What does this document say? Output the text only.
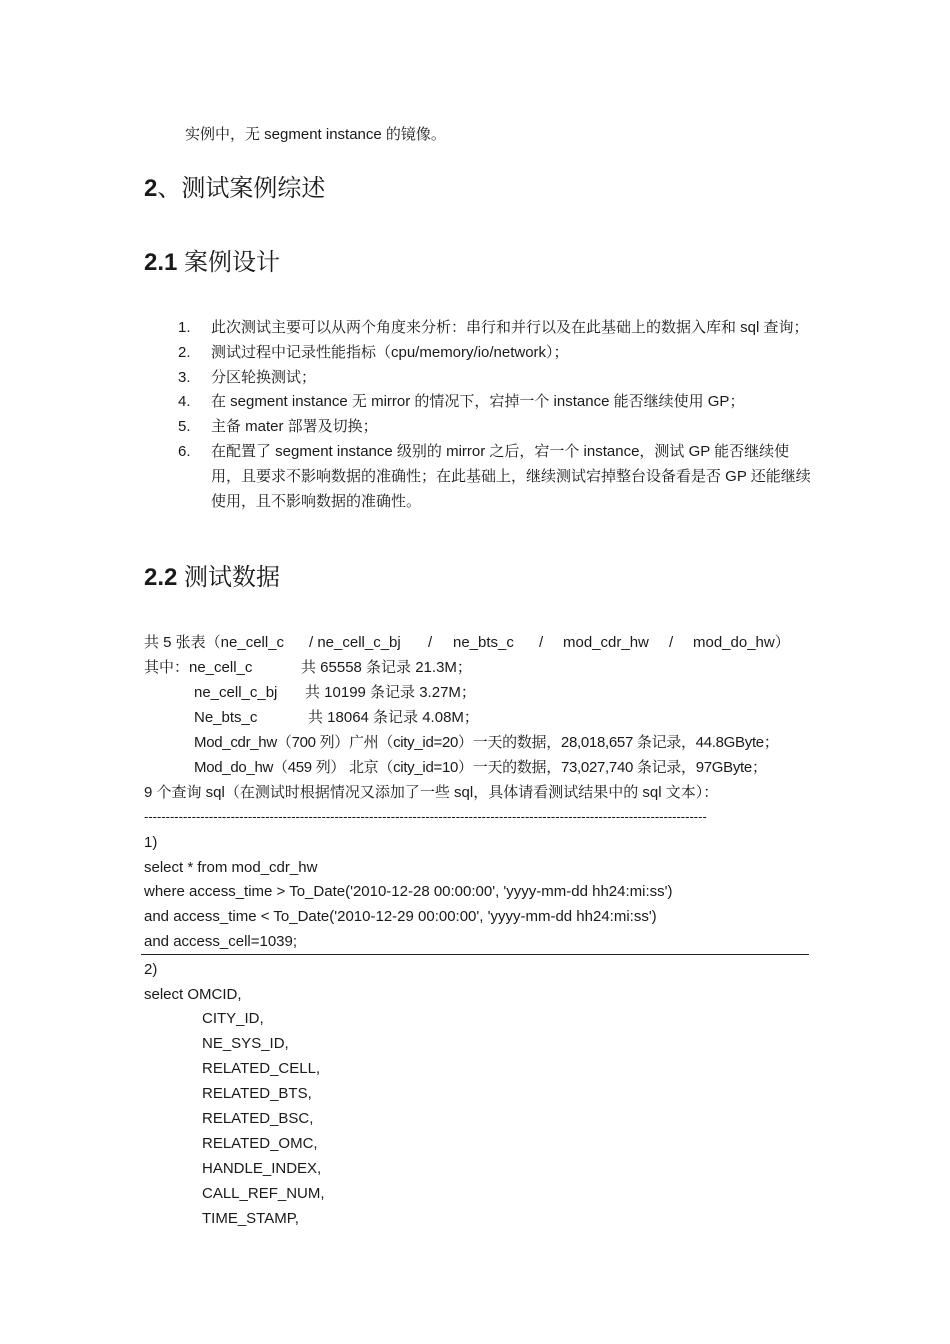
实例中，无 segment instance 的镜像。
2、测试案例综述
2.1 案例设计
1. 此次测试主要可以从两个角度来分析：串行和并行以及在此基础上的数据入库和 sql 查询；
2. 测试过程中记录性能指标（cpu/memory/io/network）；
3. 分区轮换测试；
4. 在 segment instance 无 mirror 的情况下，宕掉一个 instance 能否继续使用 GP；
5. 主备 mater 部署及切换；
6. 在配置了 segment instance 级别的 mirror 之后，宕一个 instance，测试 GP 能否继续使用，且要求不影响数据的准确性；在此基础上，继续测试宕掉整台设备看是否 GP 还能继续使用，且不影响数据的准确性。
2.2 测试数据
共 5 张表（ne_cell_c / ne_cell_c_bj / ne_bts_c / mod_cdr_hw / mod_do_hw）
其中：ne_cell_c	共 65558 条记录 21.3M；
ne_cell_c_bj 共 10199 条记录 3.27M；
Ne_bts_c	共 18064 条记录 4.08M；
Mod_cdr_hw（700 列）广州（city_id=20）一天的数据，28,018,657 条记录，44.8GByte；
Mod_do_hw（459 列） 北京（city_id=10）一天的数据，73,027,740 条记录，97GByte；
9 个查询 sql（在测试时根据情况又添加了一些 sql，具体请看测试结果中的 sql 文本）：
----------------------------------------------------------------------------------------------------------------------------------
1)
select * from mod_cdr_hw
where access_time > To_Date('2010-12-28 00:00:00', 'yyyy-mm-dd hh24:mi:ss')
and access_time < To_Date('2010-12-29 00:00:00', 'yyyy-mm-dd hh24:mi:ss')
and access_cell=1039;
2)
select OMCID,
CITY_ID,
NE_SYS_ID,
RELATED_CELL,
RELATED_BTS,
RELATED_BSC,
RELATED_OMC,
HANDLE_INDEX,
CALL_REF_NUM,
TIME_STAMP,
